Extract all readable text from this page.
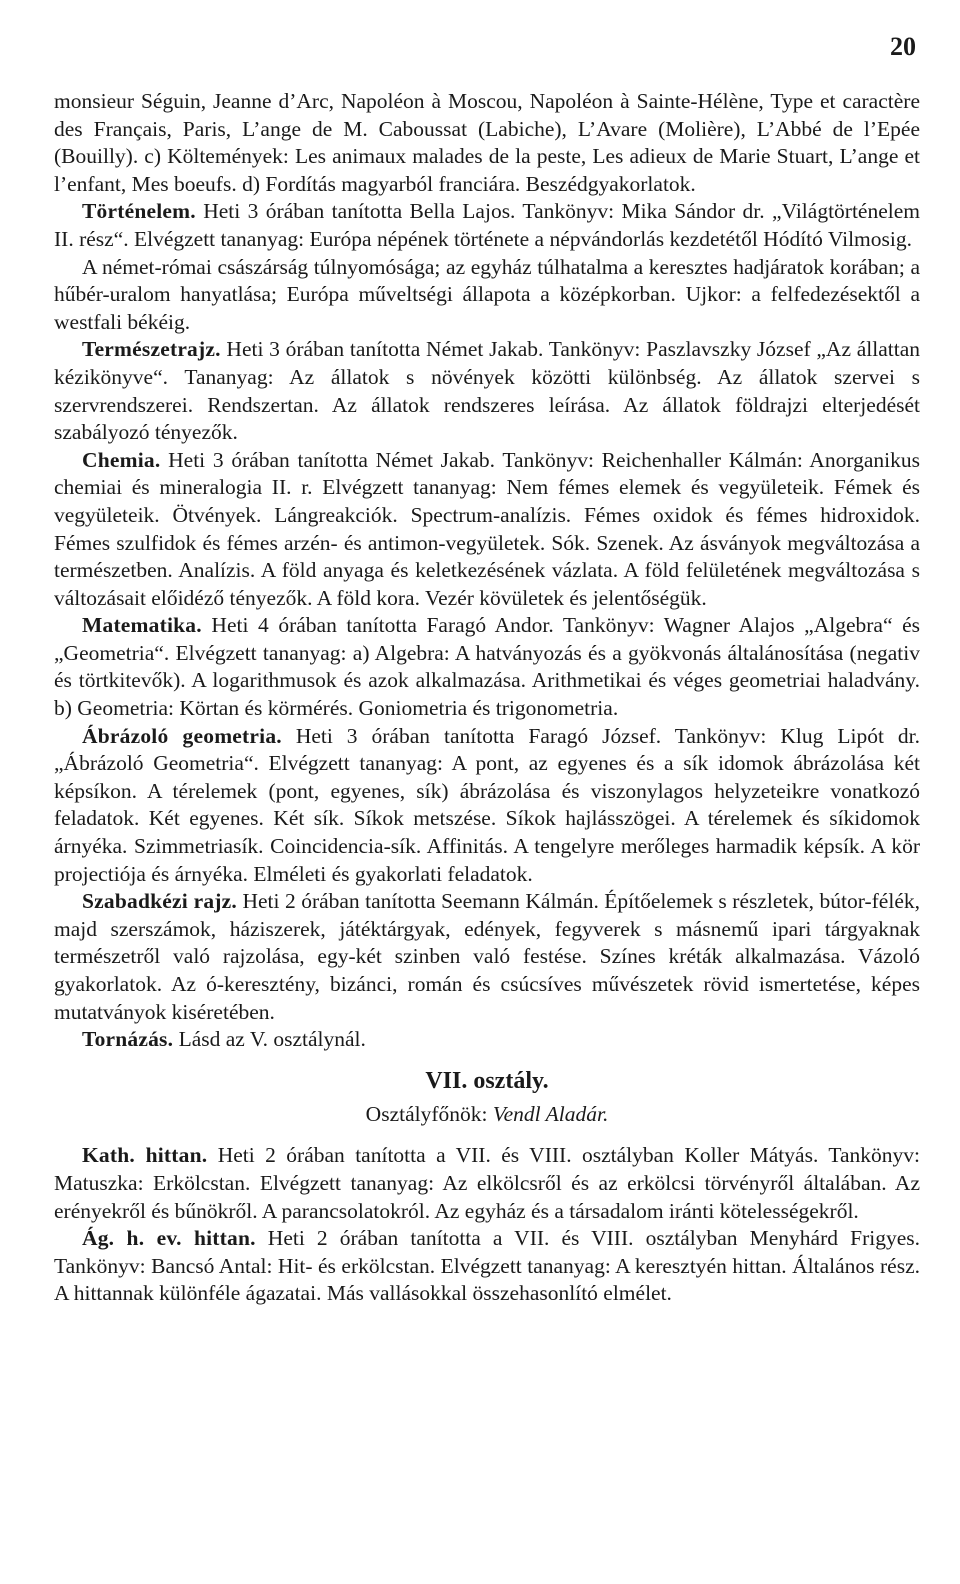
20

monsieur Séguin, Jeanne d’Arc, Napoléon à Moscou, Napoléon à Sainte-Hélène, Type et caractère des Français, Paris, L’ange de M. Caboussat (Labiche), L’Avare (Molière), L’Abbé de l’Epée (Bouilly). c) Költemények: Les animaux malades de la peste, Les adieux de Marie Stuart, L’ange et l’enfant, Mes boeufs. d) Fordítás magyarból franciára. Beszédgyakorlatok.

Történelem. Heti 3 órában tanította Bella Lajos. Tankönyv: Mika Sándor dr. „Világtörténelem II. rész“. Elvégzett tananyag: Európa népének története a népvándorlás kezdetétől Hódító Vilmosig.

A német-római császárság túlnyomósága; az egyház túlhatalma a keresztes hadjáratok korában; a hűbér-uralom hanyatlása; Európa műveltségi állapota a középkorban. Ujkor: a felfedezésektől a westfali békéig.

Természetrajz. Heti 3 órában tanította Német Jakab. Tankönyv: Paszlavszky József „Az állattan kézikönyve“. Tananyag: Az állatok s növények közötti különbség. Az állatok szervei s szervrendszerei. Rendszertan. Az állatok rendszeres leírása. Az állatok földrajzi elterjedését szabályozó tényezők.

Chemia. Heti 3 órában tanította Német Jakab. Tankönyv: Reichenhaller Kálmán: Anorganikus chemiai és mineralogia II. r. Elvégzett tananyag: Nem fémes elemek és vegyületeik. Fémek és vegyületeik. Ötvények. Lángreakciók. Spectrum-analízis. Fémes oxidok és fémes hidroxidok. Fémes szulfidok és fémes arzén- és antimon-vegyületek. Sók. Szenek. Az ásványok megváltozása a természetben. Analízis. A föld anyaga és keletkezésének vázlata. A föld felületének megváltozása s változásait előidéző tényezők. A föld kora. Vezér kövületek és jelentőségük.

Matematika. Heti 4 órában tanította Faragó Andor. Tankönyv: Wagner Alajos „Algebra“ és „Geometria“. Elvégzett tananyag: a) Algebra: A hatványozás és a gyökvonás általánosítása (negativ és törtkitevők). A logarithmusok és azok alkalmazása. Arithmetikai és véges geometriai haladvány. b) Geometria: Körtan és körmérés. Goniometria és trigonometria.

Ábrázoló geometria. Heti 3 órában tanította Faragó József. Tankönyv: Klug Lipót dr. „Ábrázoló Geometria“. Elvégzett tananyag: A pont, az egyenes és a sík idomok ábrázolása két képsíkon. A térelemek (pont, egyenes, sík) ábrázolása és viszonylagos helyzeteikre vonatkozó feladatok. Két egyenes. Két sík. Síkok metszése. Síkok hajlásszögei. A térelemek és síkidomok árnyéka. Szimmetriasík. Coincidencia-sík. Affinitás. A tengelyre merőleges harmadik képsík. A kör projectiója és árnyéka. Elméleti és gyakorlati feladatok.

Szabadkézi rajz. Heti 2 órában tanította Seemann Kálmán. Építőelemek s részletek, bútor-félék, majd szerszámok, háziszerek, játéktárgyak, edények, fegyverek s másnemű ipari tárgyaknak természetről való rajzolása, egy-két szinben való festése. Színes kréták alkalmazása. Vázoló gyakorlatok. Az ó-keresztény, bizánci, román és csúcsíves művészetek rövid ismertetése, képes mutatványok kiséretében.

Tornázás. Lásd az V. osztálynál.

VII. osztály.
Osztályfőnök: Vendl Aladár.

Kath. hittan. Heti 2 órában tanította a VII. és VIII. osztályban Koller Mátyás. Tankönyv: Matuszka: Erkölcstan. Elvégzett tananyag: Az elkölcsről és az erkölcsi törvényről általában. Az erényekről és bűnökről. A parancsolatokról. Az egyház és a társadalom iránti kötelességekről.

Ág. h. ev. hittan. Heti 2 órában tanította a VII. és VIII. osztályban Menyhárd Frigyes. Tankönyv: Bancsó Antal: Hit- és erkölcstan. Elvégzett tananyag: A keresztyén hittan. Általános rész. A hittannak különféle ágazatai. Más vallásokkal összehasonlító elmélet.
